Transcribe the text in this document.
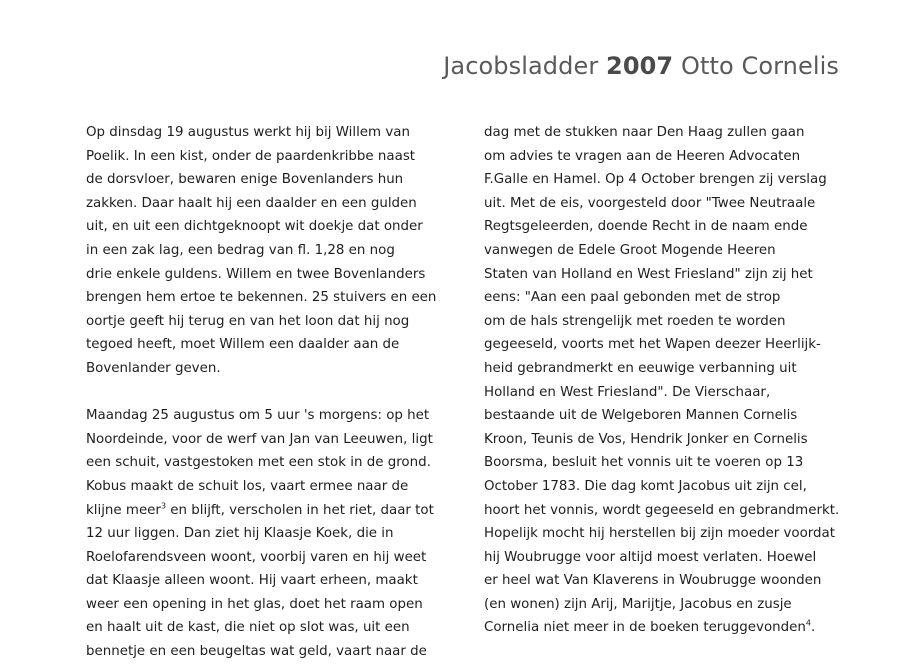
Jacobsladder 2007 Otto Cornelis
Op dinsdag 19 augustus werkt hij bij Willem van
Poelik. In een kist, onder de paardenkribbe naast
de dorsvloer, bewaren enige Bovenlanders hun
zakken. Daar haalt hij een daalder en een gulden
uit, en uit een dichtgeknoopt wit doekje dat onder
in een zak lag, een bedrag van fl. 1,28 en nog
drie enkele guldens. Willem en twee Bovenlanders
brengen hem ertoe te bekennen. 25 stuivers en een
oortje geeft hij terug en van het loon dat hij nog
tegoed heeft, moet Willem een daalder aan de
Bovenlander geven.
Maandag 25 augustus om 5 uur 's morgens: op het
Noordeinde, voor de werf van Jan van Leeuwen, ligt
een schuit, vastgestoken met een stok in de grond.
Kobus maakt de schuit los, vaart ermee naar de
klijne meer$^3$ en blijft, verscholen in het riet, daar tot
12 uur liggen. Dan ziet hij Klaasje Koek, die in
Roelofarendsveen woont, voorbij varen en hij weet
dat Klaasje alleen woont. Hij vaart erheen, maakt
weer een opening in het glas, doet het raam open
en haalt uit de kast, die niet op slot was, uit een
bennetje en een beugeltas wat geld, vaart naar de
dag met de stukken naar Den Haag zullen gaan
om advies te vragen aan de Heeren Advocaten
F.Galle en Hamel. Op 4 October brengen zij verslag
uit. Met de eis, voorgesteld door "Twee Neutraale
Regtsgeleerden, doende Recht in de naam ende
vanwegen de Edele Groot Mogende Heeren
Staten van Holland en West Friesland" zijn zij het
eens: "Aan een paal gebonden met de strop
om de hals strengelijk met roeden te worden
gegeeseld, voorts met het Wapen deezer Heerlijk-
heid gebrandmerkt en eeuwige verbanning uit
Holland en West Friesland". De Vierschaar,
bestaande uit de Welgeboren Mannen Cornelis
Kroon, Teunis de Vos, Hendrik Jonker en Cornelis
Boorsma, besluit het vonnis uit te voeren op 13
October 1783. Die dag komt Jacobus uit zijn cel,
hoort het vonnis, wordt gegeeseld en gebrandmerkt.
Hopelijk mocht hij herstellen bij zijn moeder voordat
hij Woubrugge voor altijd moest verlaten. Hoewel
er heel wat Van Klaverens in Woubrugge woonden
(en wonen) zijn Arij, Marijtje, Jacobus en zusje
Cornelia niet meer in de boeken teruggevonden$^4$.
